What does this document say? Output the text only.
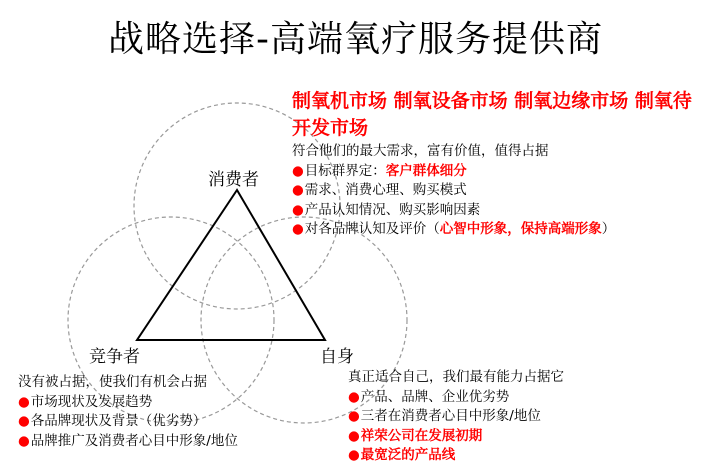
战略选择-高端氧疗服务提供商
消费者
竞争者	自身
制氧机市场 制氧设备市场 制氧边缘市场 制氧待开发市场
符合他们的最大需求，富有价值，值得占据
●目标群界定：客户群体细分
●需求、消费心理、购买模式
●产品认知情况、购买影响因素
●对各品牌认知及评价（心智中形象，保持高端形象）
没有被占据，使我们有机会占据
●市场现状及发展趋势
●各品牌现状及背景（优劣势）
●品牌推广及消费者心目中形象/地位
真正适合自己，我们最有能力占据它
●产品、品牌、企业优劣势
●三者在消费者心目中形象/地位
●祥荣公司在发展初期
●最宽泛的产品线
